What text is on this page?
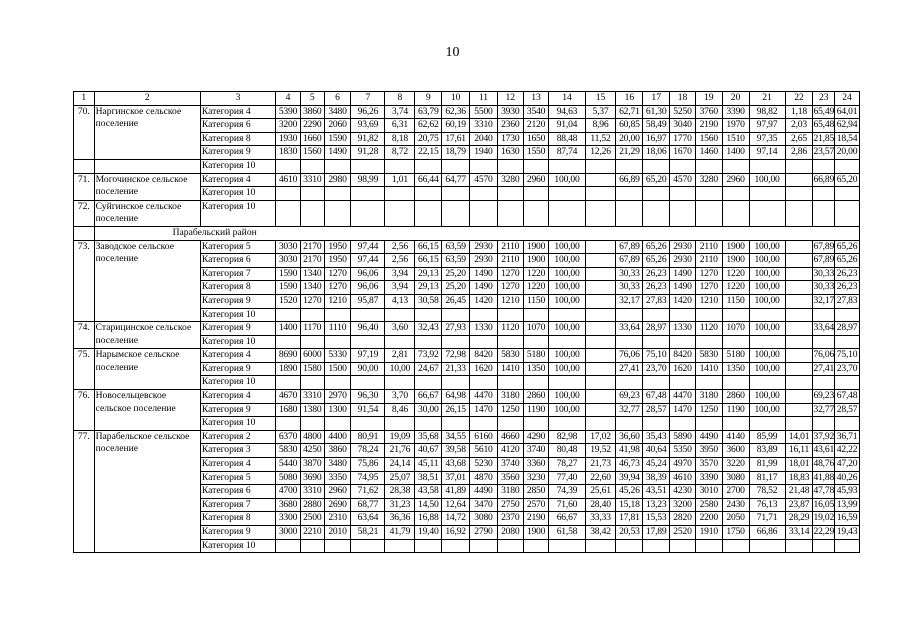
10
1	2	3	4	5	6	7	8	9	10	11	12	13	14	15	16	17	18	19	20	21	22	23	24
70.	Наргинское сельское поселение	Категория 4	5390	3860	3480	96,26	3,74	63,79	62,36	5500	3930	3540	94,63	5,37	62,71	61,30	5250	3760	3390	98,82	1,18	65,49	64,01
		Категория 6	3200	2290	2060	93,69	6,31	62,62	60,19	3310	2360	2120	91,04	8,96	60,85	58,49	3040	2190	1970	97,97	2,03	65,48	62,94
		Категория 8	1930	1660	1590	91,82	8,18	20,75	17,61	2040	1730	1650	88,48	11,52	20,00	16,97	1770	1560	1510	97,35	2,65	21,85	18,54
		Категория 9	1830	1560	1490	91,28	8,72	22,15	18,79	1940	1630	1550	87,74	12,26	21,29	18,06	1670	1460	1400	97,14	2,86	23,57	20,00
		Категория 10																					
71.	Могочинское сельское поселение	Категория 4	4610	3310	2980	98,99	1,01	66,44	64,77	4570	3280	2960	100,00		66,89	65,20	4570	3280	2960	100,00		66,89	65,20
		Категория 10																					
72.	Суйгинское сельское поселение	Категория 10																					
	Парабельский район																						
73.	Заводское сельское поселение	Категория 5	3030	2170	1950	97,44	2,56	66,15	63,59	2930	2110	1900	100,00		67,89	65,26	2930	2110	1900	100,00		67,89	65,26
		Категория 6	3030	2170	1950	97,44	2,56	66,15	63,59	2930	2110	1900	100,00		67,89	65,26	2930	2110	1900	100,00		67,89	65,26
		Категория 7	1590	1340	1270	96,06	3,94	29,13	25,20	1490	1270	1220	100,00		30,33	26,23	1490	1270	1220	100,00		30,33	26,23
		Категория 8	1590	1340	1270	96,06	3,94	29,13	25,20	1490	1270	1220	100,00		30,33	26,23	1490	1270	1220	100,00		30,33	26,23
		Категория 9	1520	1270	1210	95,87	4,13	30,58	26,45	1420	1210	1150	100,00		32,17	27,83	1420	1210	1150	100,00		32,17	27,83
		Категория 10																					
74.	Старицинское сельское поселение	Категория 9	1400	1170	1110	96,40	3,60	32,43	27,93	1330	1120	1070	100,00		33,64	28,97	1330	1120	1070	100,00		33,64	28,97
		Категория 10																					
75.	Нарымское сельское поселение	Категория 4	8690	6000	5330	97,19	2,81	73,92	72,98	8420	5830	5180	100,00		76,06	75,10	8420	5830	5180	100,00		76,06	75,10
		Категория 9	1890	1580	1500	90,00	10,00	24,67	21,33	1620	1410	1350	100,00		27,41	23,70	1620	1410	1350	100,00		27,41	23,70
		Категория 10																					
76.	Новосельцевское сельское поселение	Категория 4	4670	3310	2970	96,30	3,70	66,67	64,98	4470	3180	2860	100,00		69,23	67,48	4470	3180	2860	100,00		69,23	67,48
		Категория 9	1680	1380	1300	91,54	8,46	30,00	26,15	1470	1250	1190	100,00		32,77	28,57	1470	1250	1190	100,00		32,77	28,57
		Категория 10																					
77.	Парабельское сельское поселение	Категория 2	6370	4800	4400	80,91	19,09	35,68	34,55	6160	4660	4290	82,98	17,02	36,60	35,43	5890	4490	4140	85,99	14,01	37,92	36,71
		Категория 3	5830	4250	3860	78,24	21,76	40,67	39,58	5610	4120	3740	80,48	19,52	41,98	40,64	5350	3950	3600	83,89	16,11	43,61	42,22
		Категория 4	5440	3870	3480	75,86	24,14	45,11	43,68	5230	3740	3360	78,27	21,73	46,73	45,24	4970	3570	3220	81,99	18,01	48,76	47,20
		Категория 5	5080	3690	3350	74,95	25,07	38,51	37,01	4870	3560	3230	77,40	22,60	39,94	38,39	4610	3390	3080	81,17	18,83	41,88	40,26
		Категория 6	4700	3310	2960	71,62	28,38	43,58	41,89	4490	3180	2850	74,39	25,61	45,26	43,51	4230	3010	2700	78,52	21,48	47,78	45,93
		Категория 7	3680	2880	2690	68,77	31,23	14,50	12,64	3470	2750	2570	71,60	28,40	15,18	13,23	3200	2580	2430	76,13	23,87	16,05	13,99
		Категория 8	3300	2500	2310	63,64	36,36	16,88	14,72	3080	2370	2190	66,67	33,33	17,81	15,53	2820	2200	2050	71,71	28,29	19,02	16,59
		Категория 9	3000	2210	2010	58,21	41,79	19,40	16,92	2790	2080	1900	61,58	38,42	20,53	17,89	2520	1910	1750	66,86	33,14	22,29	19,43
		Категория 10																					
